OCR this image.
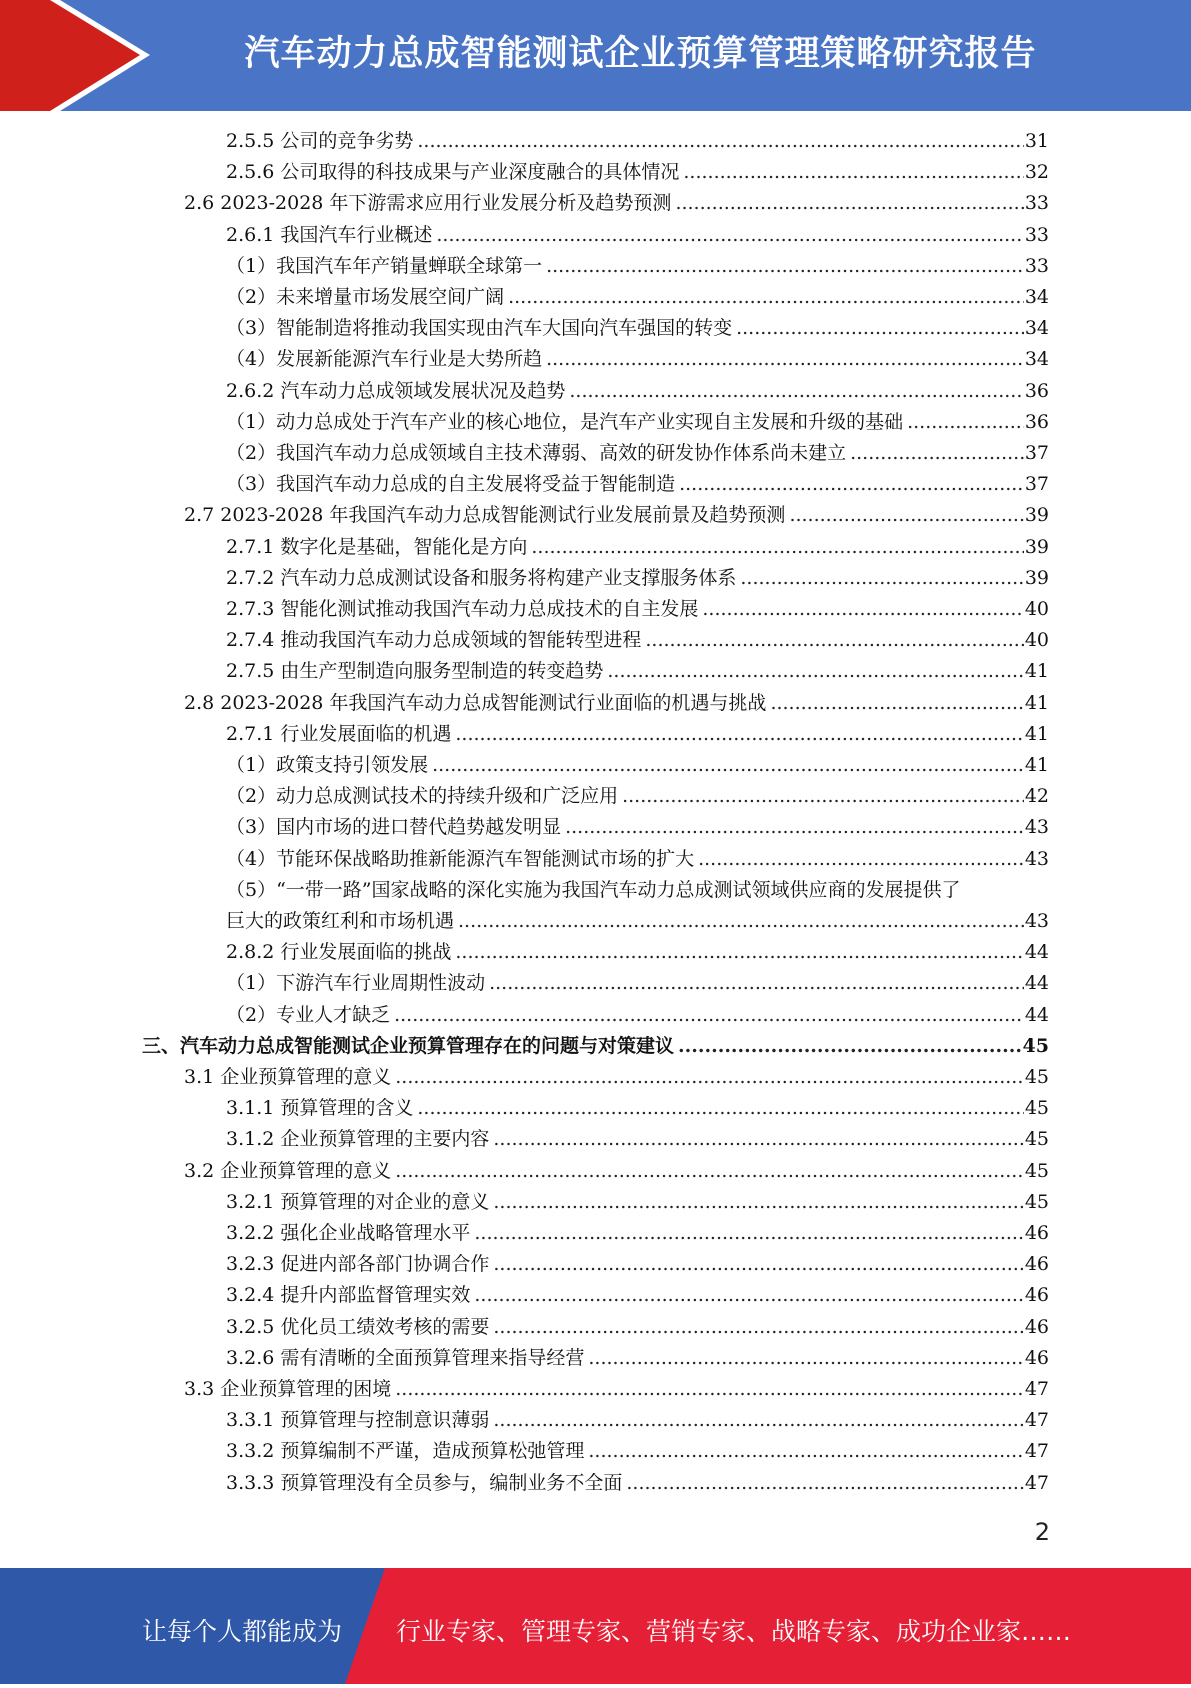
汽车动力总成智能测试企业预算管理策略研究报告
2.5.5 公司的竞争劣势 .....	31
2.5.6 公司取得的科技成果与产业深度融合的具体情况 .....	32
2.6 2023-2028 年下游需求应用行业发展分析及趋势预测 .....	33
2.6.1 我国汽车行业概述 .....	33
（1）我国汽车年产销量蝉联全球第一 .....	33
（2）未来增量市场发展空间广阔 .....	34
（3）智能制造将推动我国实现由汽车大国向汽车强国的转变 .....	34
（4）发展新能源汽车行业是大势所趋 .....	34
2.6.2 汽车动力总成领域发展状况及趋势 .....	36
（1）动力总成处于汽车产业的核心地位，是汽车产业实现自主发展和升级的基础 .....	36
（2）我国汽车动力总成领域自主技术薄弱、高效的研发协作体系尚未建立 .....	37
（3）我国汽车动力总成的自主发展将受益于智能制造 .....	37
2.7 2023-2028 年我国汽车动力总成智能测试行业发展前景及趋势预测 .....	39
2.7.1 数字化是基础，智能化是方向 .....	39
2.7.2 汽车动力总成测试设备和服务将构建产业支撑服务体系 .....	39
2.7.3 智能化测试推动我国汽车动力总成技术的自主发展 .....	40
2.7.4 推动我国汽车动力总成领域的智能转型进程 .....	40
2.7.5 由生产型制造向服务型制造的转变趋势 .....	41
2.8 2023-2028 年我国汽车动力总成智能测试行业面临的机遇与挑战 .....	41
2.7.1 行业发展面临的机遇 .....	41
（1）政策支持引领发展 .....	41
（2）动力总成测试技术的持续升级和广泛应用 .....	42
（3）国内市场的进口替代趋势越发明显 .....	43
（4）节能环保战略助推新能源汽车智能测试市场的扩大 .....	43
（5）“一带一路”国家战略的深化实施为我国汽车动力总成测试领域供应商的发展提供了
巨大的政策红利和市场机遇 .....	43
2.8.2 行业发展面临的挑战 .....	44
（1）下游汽车行业周期性波动 .....	44
（2）专业人才缺乏 .....	44
三、汽车动力总成智能测试企业预算管理存在的问题与对策建议 .....	45
3.1 企业预算管理的意义 .....	45
3.1.1 预算管理的含义 .....	45
3.1.2 企业预算管理的主要内容 .....	45
3.2 企业预算管理的意义 .....	45
3.2.1 预算管理的对企业的意义 .....	45
3.2.2 强化企业战略管理水平 .....	46
3.2.3 促进内部各部门协调合作 .....	46
3.2.4 提升内部监督管理实效 .....	46
3.2.5 优化员工绩效考核的需要 .....	46
3.2.6 需有清晰的全面预算管理来指导经营 .....	46
3.3 企业预算管理的困境 .....	47
3.3.1 预算管理与控制意识薄弱 .....	47
3.3.2 预算编制不严谨，造成预算松弛管理 .....	47
3.3.3 预算管理没有全员参与，编制业务不全面 .....	47
2
让每个人都能成为 行业专家、管理专家、营销专家、战略专家、成功企业家……
